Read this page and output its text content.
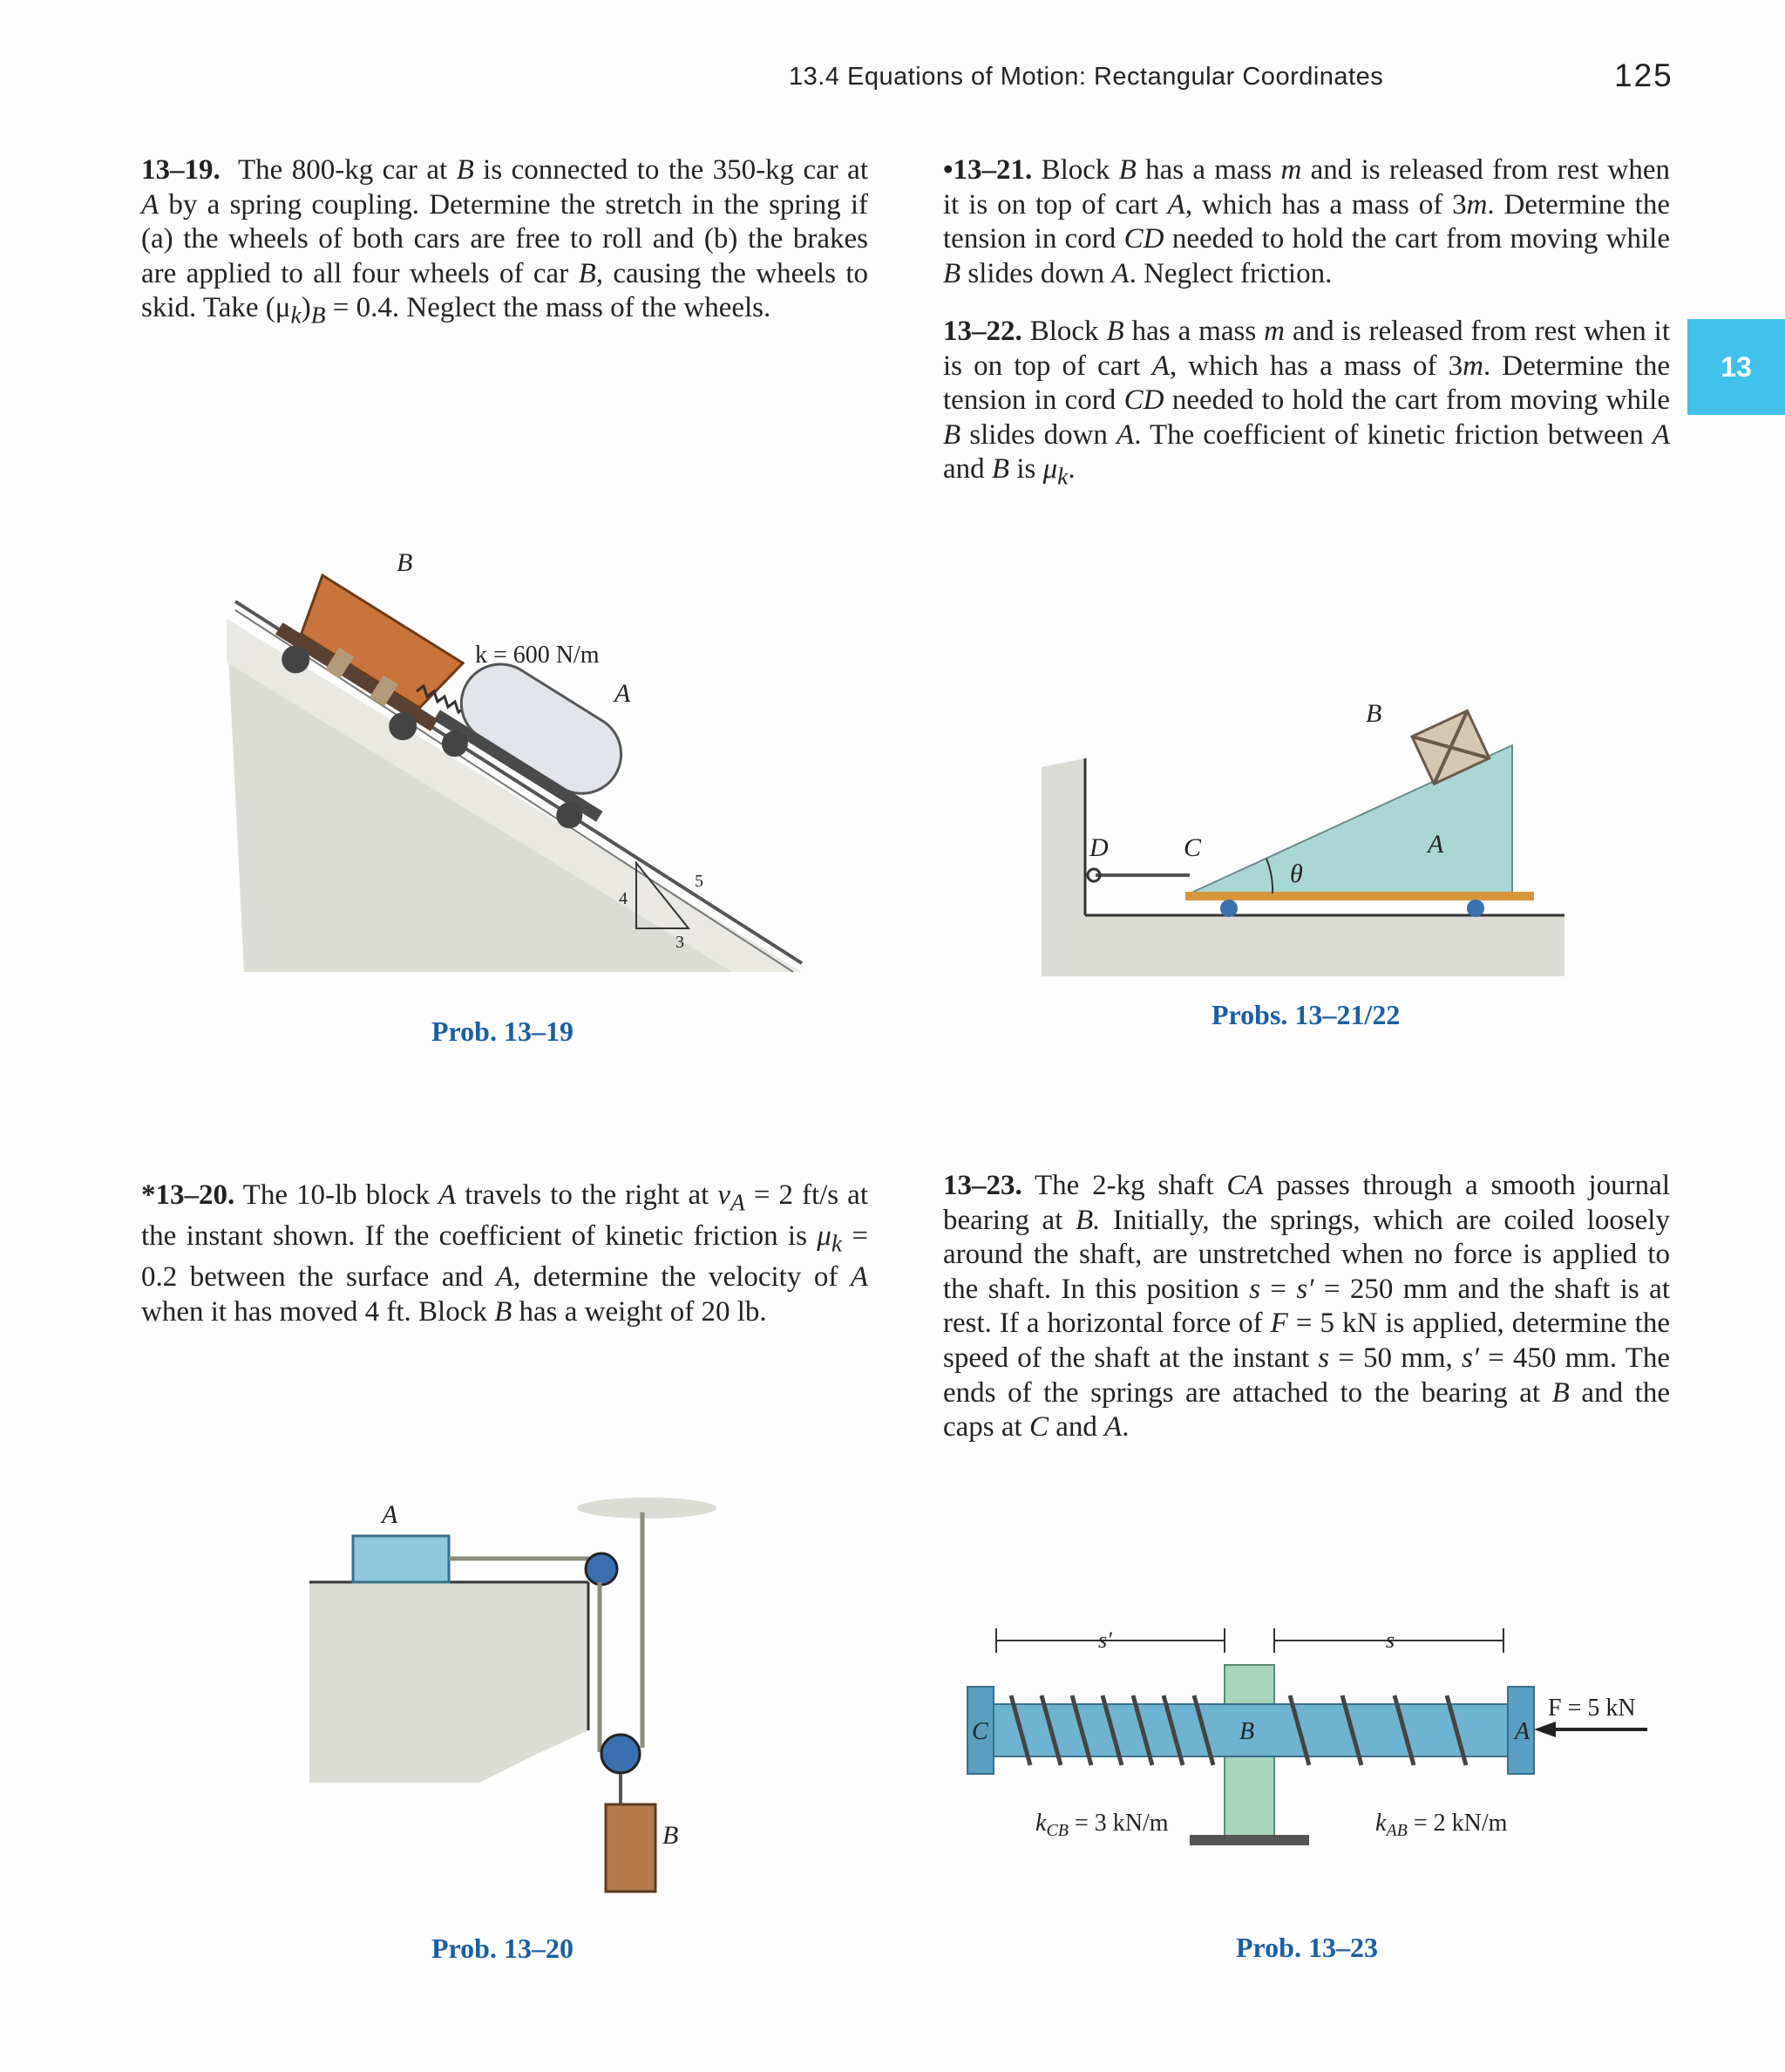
13.4 Equations of Motion: Rectangular Coordinates	125
13
13–19. The 800-kg car at B is connected to the 350-kg car at A by a spring coupling. Determine the stretch in the spring if (a) the wheels of both cars are free to roll and (b) the brakes are applied to all four wheels of car B, causing the wheels to skid. Take $(\mu_k)_B = 0.4$. Neglect the mass of the wheels.
•13–21. Block B has a mass m and is released from rest when it is on top of cart A, which has a mass of 3m. Determine the tension in cord CD needed to hold the cart from moving while B slides down A. Neglect friction.
13–22. Block B has a mass m and is released from rest when it is on top of cart A, which has a mass of 3m. Determine the tension in cord CD needed to hold the cart from moving while B slides down A. The coefficient of kinetic friction between A and B is $\mu_k$.
*13–20. The 10-lb block A travels to the right at $v_A = 2$ ft/s at the instant shown. If the coefficient of kinetic friction is $\mu_k = 0.2$ between the surface and A, determine the velocity of A when it has moved 4 ft. Block B has a weight of 20 lb.
13–23. The 2-kg shaft CA passes through a smooth journal bearing at B. Initially, the springs, which are coiled loosely around the shaft, are unstretched when no force is applied to the shaft. In this position s = s′ = 250 mm and the shaft is at rest. If a horizontal force of F = 5 kN is applied, determine the speed of the shaft at the instant s = 50 mm, s′ = 450 mm. The ends of the springs are attached to the bearing at B and the caps at C and A.
B
k = 600 N/m
A
5
4
3
Prob. 13–19
B
A
D	C
θ
Probs. 13–21/22
A
B
Prob. 13–20
s′	s
C	B	A
F = 5 kN
$k_{CB} = 3$ kN/m	$k_{AB} = 2$ kN/m
Prob. 13–23
